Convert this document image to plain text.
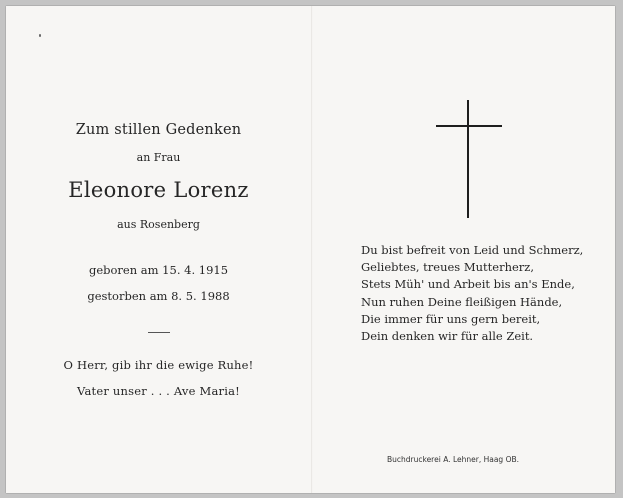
Zum stillen Gedenken
an Frau
Eleonore Lorenz
aus Rosenberg
geboren am 15. 4. 1915
gestorben am 8. 5. 1988
O Herr, gib ihr die ewige Ruhe!
Vater unser . . . Ave Maria!
Du bist befreit von Leid und Schmerz,
Geliebtes, treues Mutterherz,
Stets Müh' und Arbeit bis an's Ende,
Nun ruhen Deine fleißigen Hände,
Die immer für uns gern bereit,
Dein denken wir für alle Zeit.
Buchdruckerei A. Lehner, Haag OB.
